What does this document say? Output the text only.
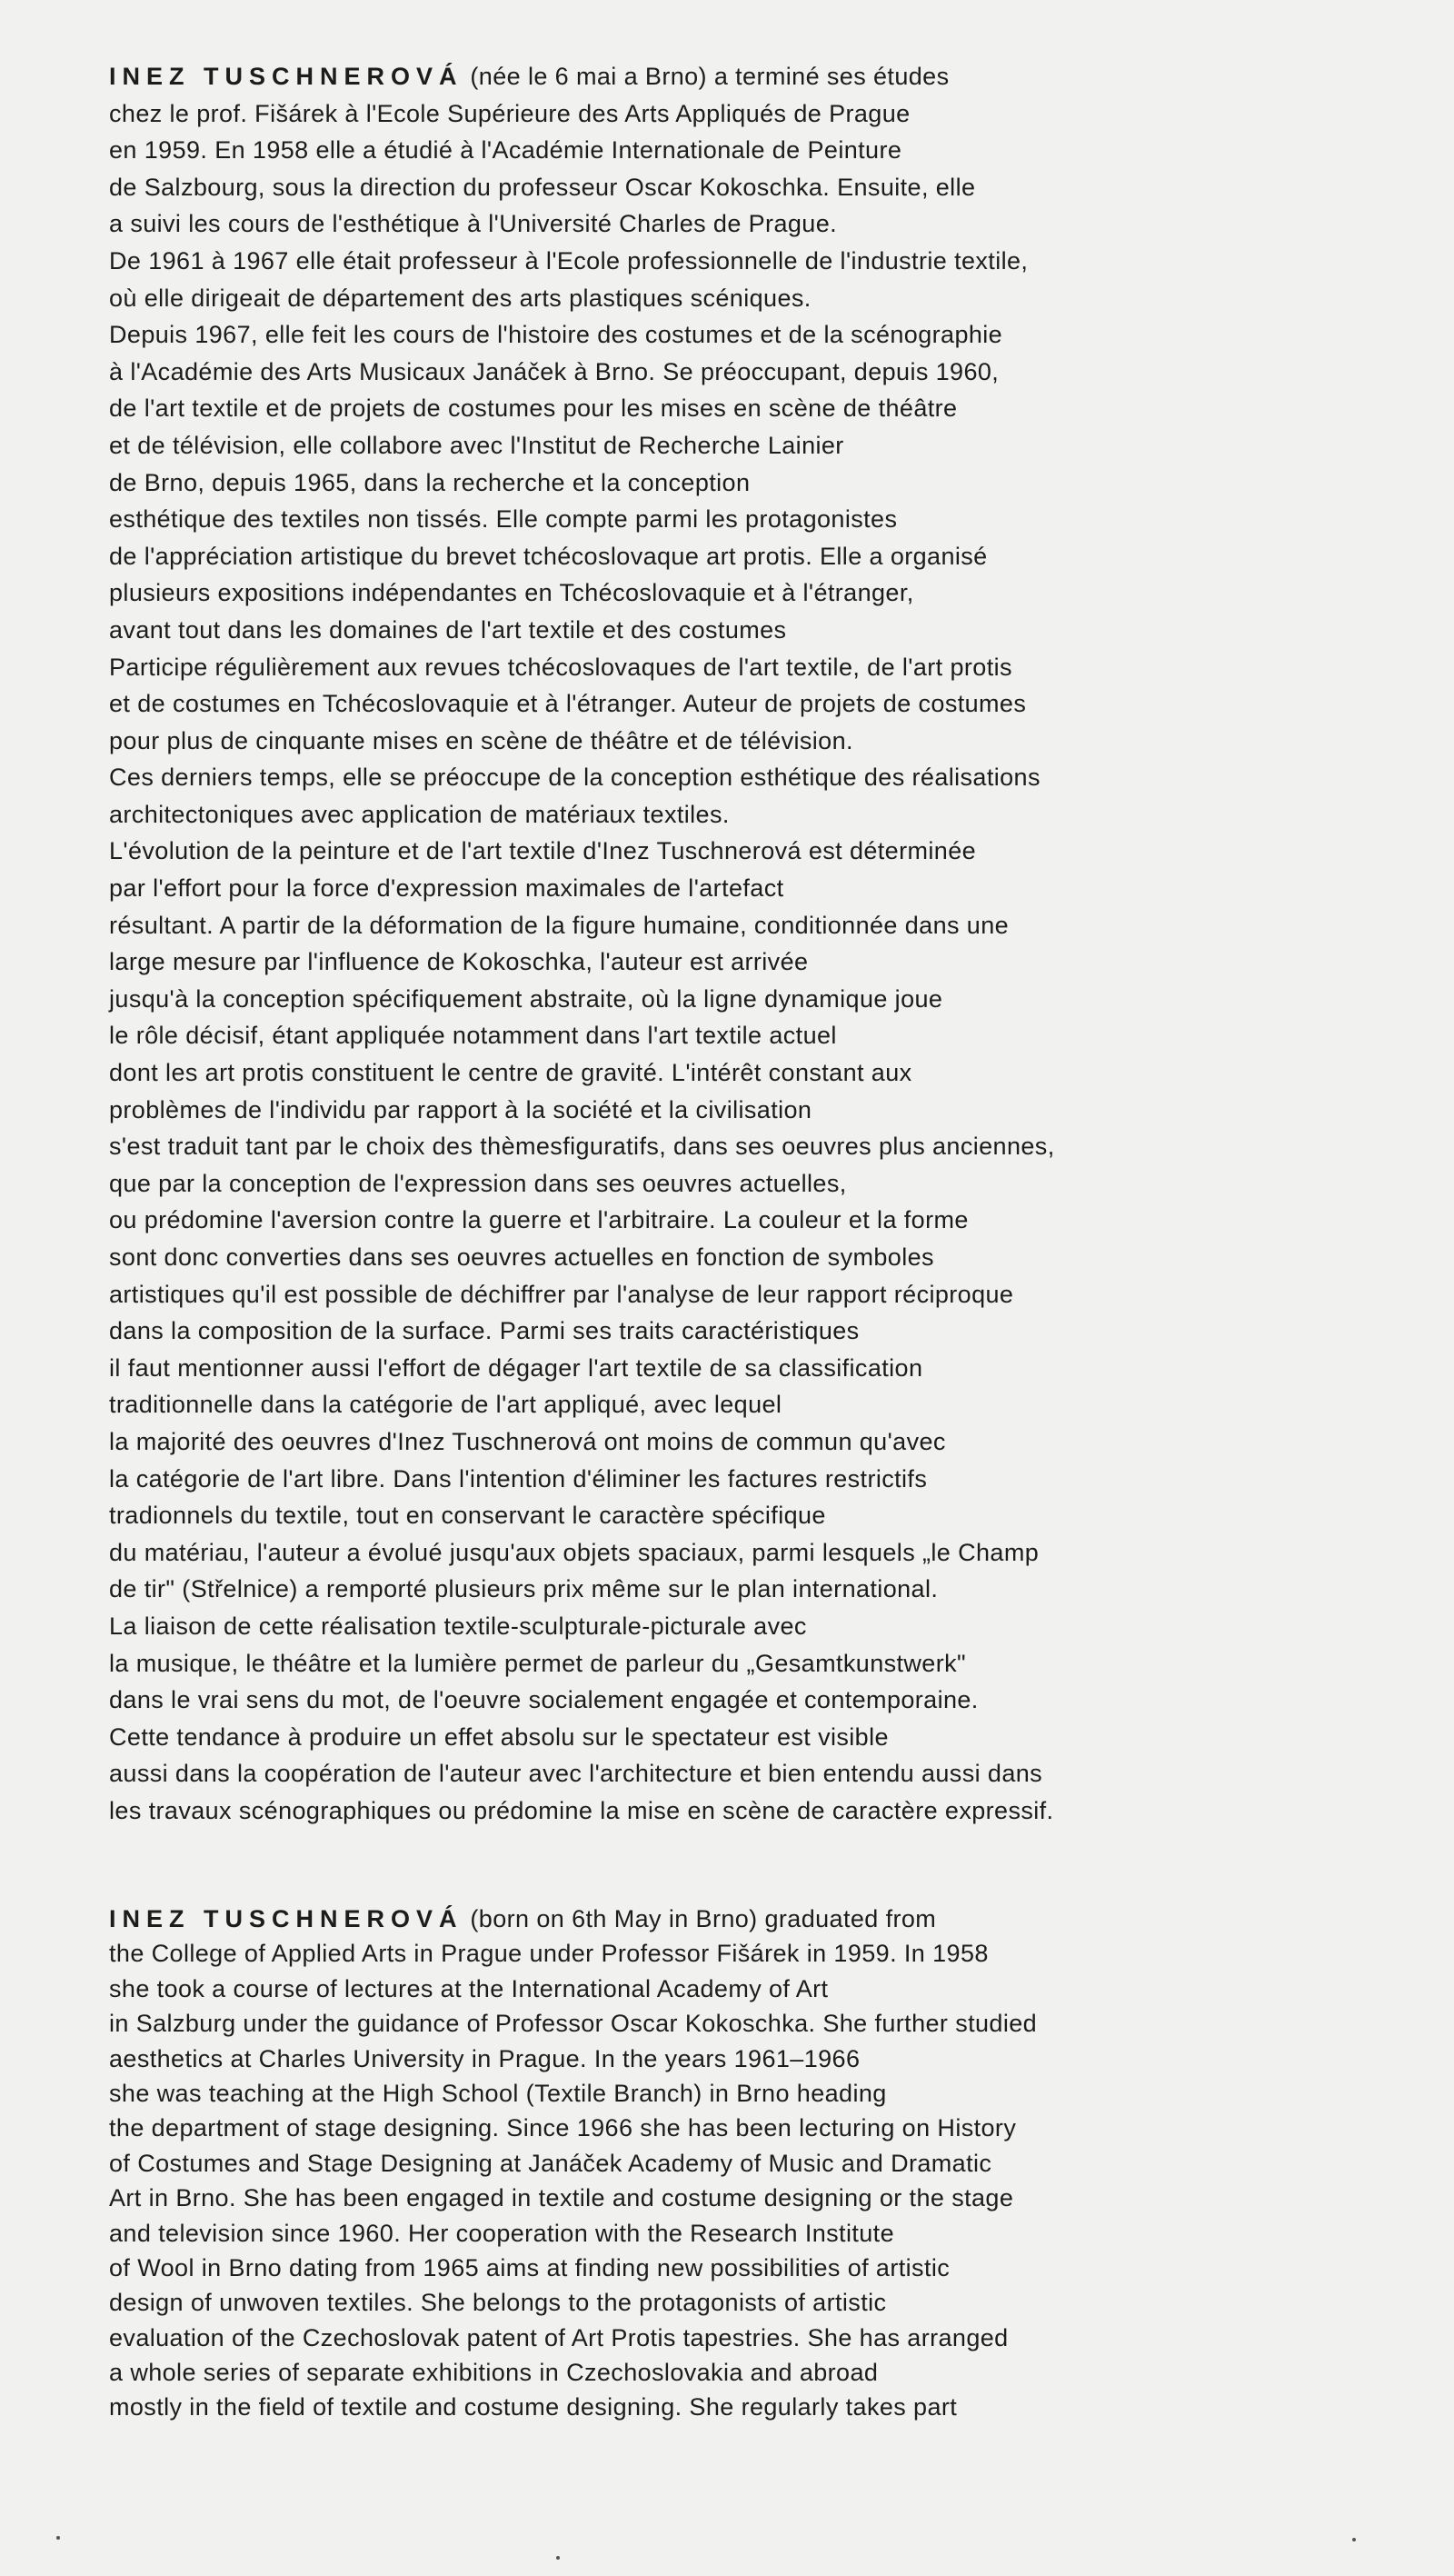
INEZ TUSCHNEROVÁ (née le 6 mai a Brno) a terminé ses études
chez le prof. Fišárek à l'Ecole Supérieure des Arts Appliqués de Prague
en 1959. En 1958 elle a étudié à l'Académie Internationale de Peinture
de Salzbourg, sous la direction du professeur Oscar Kokoschka. Ensuite, elle
a suivi les cours de l'esthétique à l'Université Charles de Prague.
De 1961 à 1967 elle était professeur à l'Ecole professionnelle de l'industrie textile,
où elle dirigeait de département des arts plastiques scéniques.
Depuis 1967, elle feit les cours de l'histoire des costumes et de la scénographie
à l'Académie des Arts Musicaux Janáček à Brno. Se préoccupant, depuis 1960,
de l'art textile et de projets de costumes pour les mises en scène de théâtre
et de télévision, elle collabore avec l'Institut de Recherche Lainier
de Brno, depuis 1965, dans la recherche et la conception
esthétique des textiles non tissés. Elle compte parmi les protagonistes
de l'appréciation artistique du brevet tchécoslovaque art protis. Elle a organisé
plusieurs expositions indépendantes en Tchécoslovaquie et à l'étranger,
avant tout dans les domaines de l'art textile et des costumes
Participe régulièrement aux revues tchécoslovaques de l'art textile, de l'art protis
et de costumes en Tchécoslovaquie et à l'étranger. Auteur de projets de costumes
pour plus de cinquante mises en scène de théâtre et de télévision.
Ces derniers temps, elle se préoccupe de la conception esthétique des réalisations
architectoniques avec application de matériaux textiles.
L'évolution de la peinture et de l'art textile d'Inez Tuschnerová est déterminée
par l'effort pour la force d'expression maximales de l'artefact
résultant. A partir de la déformation de la figure humaine, conditionnée dans une
large mesure par l'influence de Kokoschka, l'auteur est arrivée
jusqu'à la conception spécifiquement abstraite, où la ligne dynamique joue
le rôle décisif, étant appliquée notamment dans l'art textile actuel
dont les art protis constituent le centre de gravité. L'intérêt constant aux
problèmes de l'individu par rapport à la société et la civilisation
s'est traduit tant par le choix des thèmesfiguratifs, dans ses oeuvres plus anciennes,
que par la conception de l'expression dans ses oeuvres actuelles,
ou prédomine l'aversion contre la guerre et l'arbitraire. La couleur et la forme
sont donc converties dans ses oeuvres actuelles en fonction de symboles
artistiques qu'il est possible de déchiffrer par l'analyse de leur rapport réciproque
dans la composition de la surface. Parmi ses traits caractéristiques
il faut mentionner aussi l'effort de dégager l'art textile de sa classification
traditionnelle dans la catégorie de l'art appliqué, avec lequel
la majorité des oeuvres d'Inez Tuschnerová ont moins de commun qu'avec
la catégorie de l'art libre. Dans l'intention d'éliminer les factures restrictifs
tradionnels du textile, tout en conservant le caractère spécifique
du matériau, l'auteur a évolué jusqu'aux objets spaciaux, parmi lesquels „le Champ
de tir" (Střelnice) a remporté plusieurs prix même sur le plan international.
La liaison de cette réalisation textile-sculpturale-picturale avec
la musique, le théâtre et la lumière permet de parleur du „Gesamtkunstwerk"
dans le vrai sens du mot, de l'oeuvre socialement engagée et contemporaine.
Cette tendance à produire un effet absolu sur le spectateur est visible
aussi dans la coopération de l'auteur avec l'architecture et bien entendu aussi dans
les travaux scénographiques ou prédomine la mise en scène de caractère expressif.
INEZ TUSCHNEROVÁ (born on 6th May in Brno) graduated from
the College of Applied Arts in Prague under Professor Fišárek in 1959. In 1958
she took a course of lectures at the International Academy of Art
in Salzburg under the guidance of Professor Oscar Kokoschka. She further studied
aesthetics at Charles University in Prague. In the years 1961–1966
she was teaching at the High School (Textile Branch) in Brno heading
the department of stage designing. Since 1966 she has been lecturing on History
of Costumes and Stage Designing at Janáček Academy of Music and Dramatic
Art in Brno. She has been engaged in textile and costume designing or the stage
and television since 1960. Her cooperation with the Research Institute
of Wool in Brno dating from 1965 aims at finding new possibilities of artistic
design of unwoven textiles. She belongs to the protagonists of artistic
evaluation of the Czechoslovak patent of Art Protis tapestries. She has arranged
a whole series of separate exhibitions in Czechoslovakia and abroad
mostly in the field of textile and costume designing. She regularly takes part
